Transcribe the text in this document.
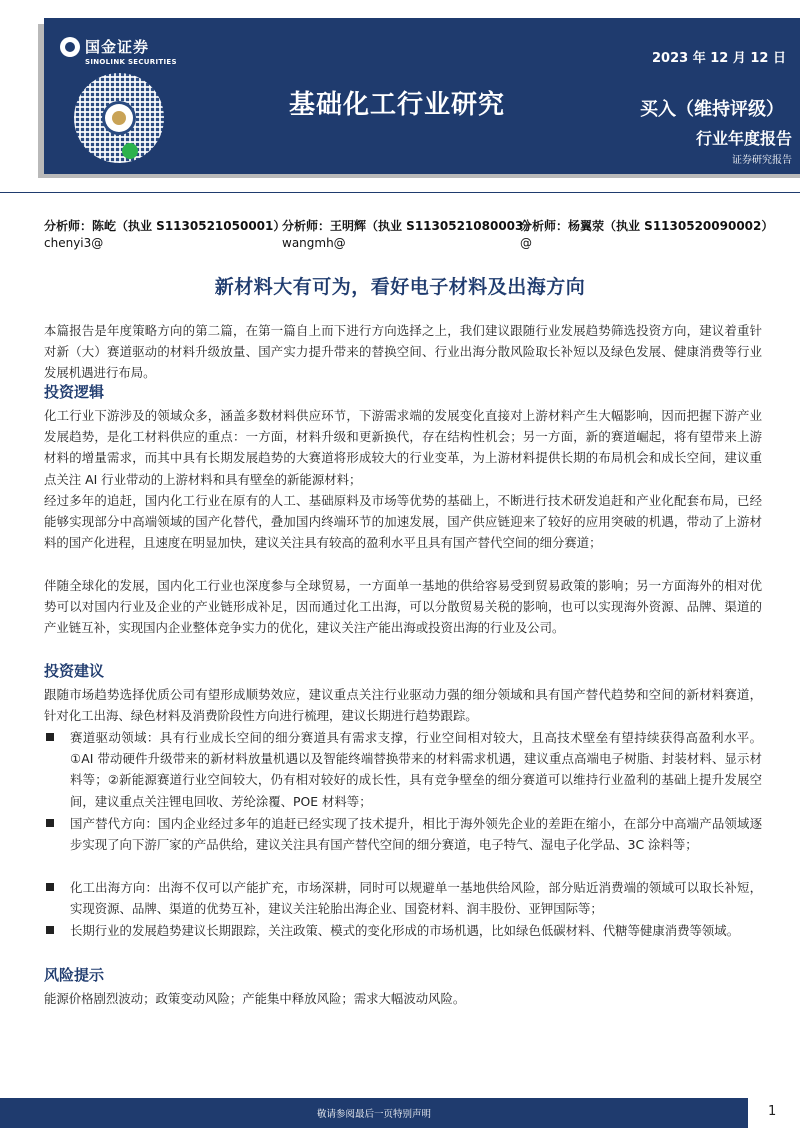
国金证券
SINOLINK SECURITIES	2023 年 12 月 12 日
基础化工行业研究	买入（维持评级）
行业年度报告
证券研究报告
分析师：陈屹（执业 S1130521050001）
chenyi3@
分析师：王明辉（执业 S1130521080003）
wangmh@
分析师：杨翼荥（执业 S1130520090002）
@
新材料大有可为，看好电子材料及出海方向
本篇报告是年度策略方向的第二篇，在第一篇自上而下进行方向选择之上，我们建议跟随行业发展趋势筛选投资方向，建议着重针对新（大）赛道驱动的材料升级放量、国产实力提升带来的替换空间、行业出海分散风险取长补短以及绿色发展、健康消费等行业发展机遇进行布局。
投资逻辑
化工行业下游涉及的领域众多，涵盖多数材料供应环节，下游需求端的发展变化直接对上游材料产生大幅影响，因而把握下游产业发展趋势，是化工材料供应的重点：一方面，材料升级和更新换代，存在结构性机会；另一方面，新的赛道崛起，将有望带来上游材料的增量需求，而其中具有长期发展趋势的大赛道将形成较大的行业变革，为上游材料提供长期的布局机会和成长空间，建议重点关注 AI 行业带动的上游材料和具有壁垒的新能源材料；
经过多年的追赶，国内化工行业在原有的人工、基础原料及市场等优势的基础上，不断进行技术研发追赶和产业化配套布局，已经能够实现部分中高端领域的国产化替代，叠加国内终端环节的加速发展，国产供应链迎来了较好的应用突破的机遇，带动了上游材料的国产化进程，且速度在明显加快，建议关注具有较高的盈利水平且具有国产替代空间的细分赛道；
伴随全球化的发展，国内化工行业也深度参与全球贸易，一方面单一基地的供给容易受到贸易政策的影响；另一方面海外的相对优势可以对国内行业及企业的产业链形成补足，因而通过化工出海，可以分散贸易关税的影响，也可以实现海外资源、品牌、渠道的产业链互补，实现国内企业整体竞争实力的优化，建议关注产能出海或投资出海的行业及公司。
投资建议
跟随市场趋势选择优质公司有望形成顺势效应，建议重点关注行业驱动力强的细分领域和具有国产替代趋势和空间的新材料赛道，针对化工出海、绿色材料及消费阶段性方向进行梳理，建议长期进行趋势跟踪。
赛道驱动领域：具有行业成长空间的细分赛道具有需求支撑，行业空间相对较大，且高技术壁垒有望持续获得高盈利水平。①AI 带动硬件升级带来的新材料放量机遇以及智能终端替换带来的材料需求机遇，建议重点高端电子树脂、封装材料、显示材料等；②新能源赛道行业空间较大，仍有相对较好的成长性，具有竞争壁垒的细分赛道可以维持行业盈利的基础上提升发展空间，建议重点关注锂电回收、芳纶涂覆、POE 材料等；
国产替代方向：国内企业经过多年的追赶已经实现了技术提升，相比于海外领先企业的差距在缩小，在部分中高端产品领域逐步实现了向下游厂家的产品供给，建议关注具有国产替代空间的细分赛道，电子特气、湿电子化学品、3C 涂料等；
化工出海方向：出海不仅可以产能扩充，市场深耕，同时可以规避单一基地供给风险，部分贴近消费端的领域可以取长补短，实现资源、品牌、渠道的优势互补，建议关注轮胎出海企业、国瓷材料、润丰股份、亚钾国际等；
长期行业的发展趋势建议长期跟踪，关注政策、模式的变化形成的市场机遇，比如绿色低碳材料、代糖等健康消费等领域。
风险提示
能源价格剧烈波动；政策变动风险；产能集中释放风险；需求大幅波动风险。
敬请参阅最后一页特别声明	1
